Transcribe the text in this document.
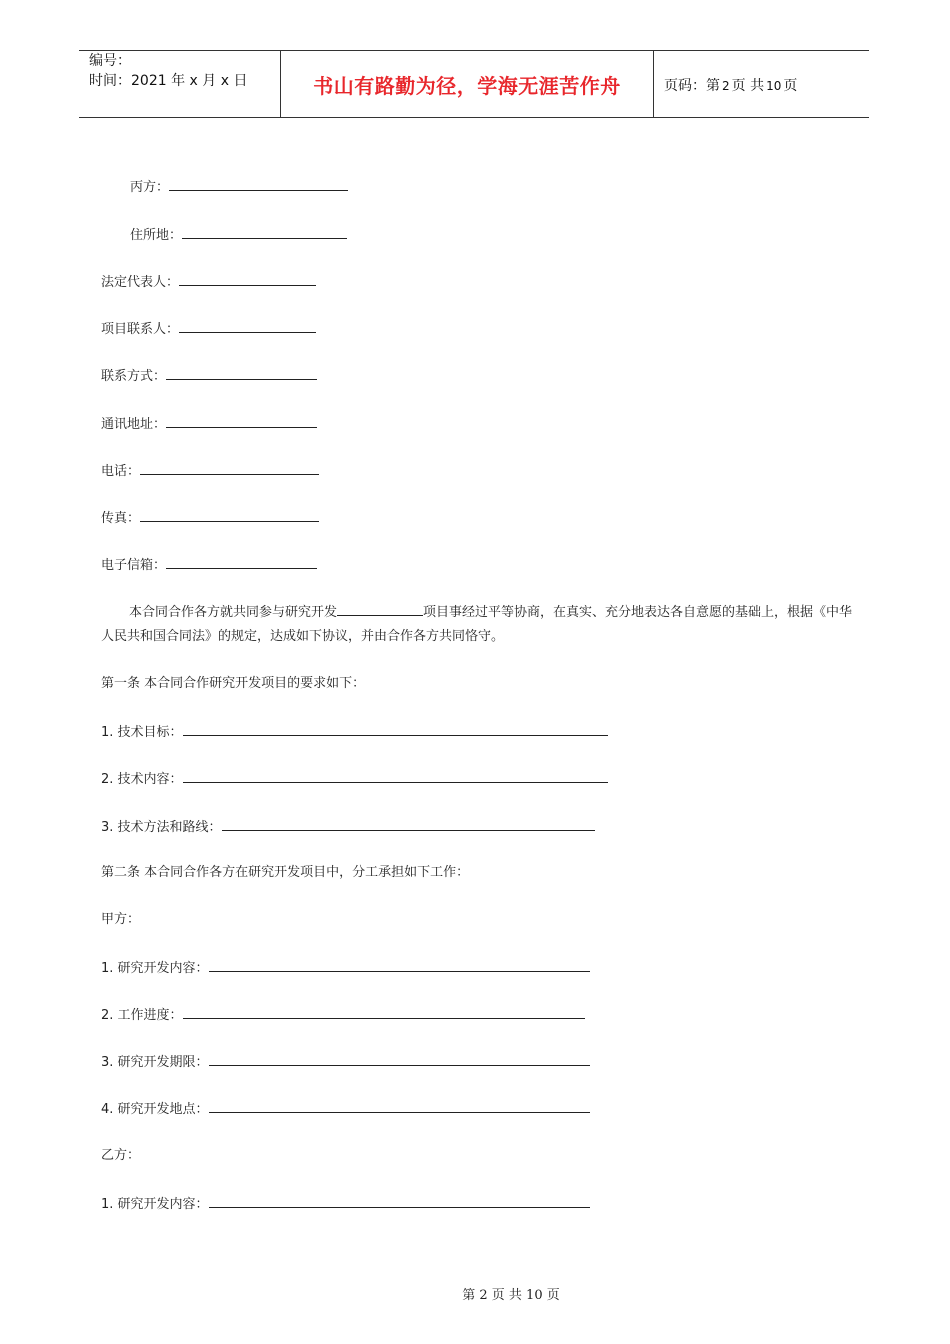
编号：
时间：2021 年 x 月 x 日	书山有路勤为径，学海无涯苦作舟	页码：第 2 页 共 10 页
丙方：
住所地：
法定代表人：
项目联系人：
联系方式：
通讯地址：
电话：
传真：
电子信箱：
本合同合作各方就共同参与研究开发	项目事经过平等协商，在真实、充分地表达各自意愿的基础上，根据《中华人民共和国合同法》的规定，达成如下协议，并由合作各方共同恪守。
第一条 本合同合作研究开发项目的要求如下：
1. 技术目标：
2. 技术内容：
3. 技术方法和路线：
第二条 本合同合作各方在研究开发项目中，分工承担如下工作：
甲方：
1. 研究开发内容：
2. 工作进度：
3. 研究开发期限：
4. 研究开发地点：
乙方：
1. 研究开发内容：
第 2 页 共 10 页
